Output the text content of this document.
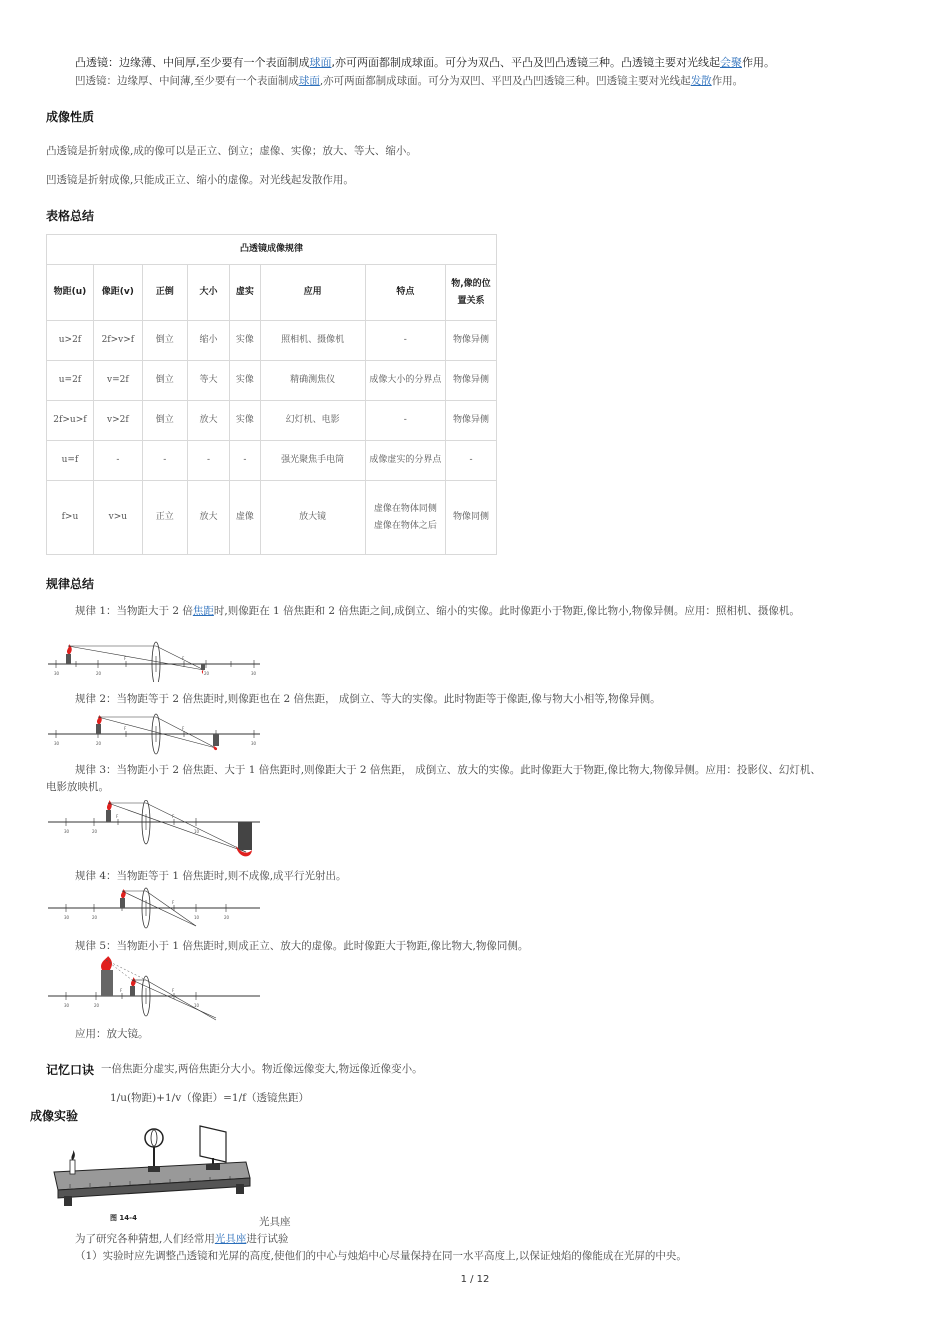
凸透镜：边缘薄、中间厚,至少要有一个表面制成球面,亦可两面都制成球面。可分为双凸、平凸及凹凸透镜三种。凸透镜主要对光线起会聚作用。
凹透镜：边缘厚、中间薄,至少要有一个表面制成球面,亦可两面都制成球面。可分为双凹、平凹及凸凹透镜三种。凹透镜主要对光线起发散作用。
成像性质
凸透镜是折射成像,成的像可以是正立、倒立；虚像、实像；放大、等大、缩小。
凹透镜是折射成像,只能成正立、缩小的虚像。对光线起发散作用。
表格总结
凸透镜成像规律							
物距(u)	像距(v)	正倒	大小	虚实	应用	特点	物,像的位置关系
u>2f	2f>v>f	倒立	缩小	实像	照相机、摄像机	-	物像异侧
u=2f	v=2f	倒立	等大	实像	精确测焦仪	成像大小的分界点	物像异侧
2f>u>f	v>2f	倒立	放大	实像	幻灯机、电影	-	物像异侧
u=f	-	-	-	-	强光聚焦手电筒	成像虚实的分界点	-
f>u	v>u	正立	放大	虚像	放大镜	虚像在物体同侧 虚像在物体之后	物像同侧
规律总结
规律 1：当物距大于 2 倍焦距时,则像距在 1 倍焦距和 2 倍焦距之间,成倒立、缩小的实像。此时像距小于物距,像比物小,物像异侧。应用：照相机、摄像机。
30	20
F	F
20	30
规律 2：当物距等于 2 倍焦距时,则像距也在 2 倍焦距， 成倒立、等大的实像。此时物距等于像距,像与物大小相等,物像异侧。
30	20
F	F
20	30
规律 3：当物距小于 2 倍焦距、大于 1 倍焦距时,则像距大于 2 倍焦距， 成倒立、放大的实像。此时像距大于物距,像比物大,物像异侧。应用：投影仪、幻灯机、
电影放映机。
30	20
F	F
10
规律 4：当物距等于 1 倍焦距时,则不成像,成平行光射出。
30	20
F	F
10	20
规律 5：当物距小于 1 倍焦距时,则成正立、放大的虚像。此时像距大于物距,像比物大,物像同侧。
30	20
F	F
10
应用：放大镜。
记忆口诀 一倍焦距分虚实,两倍焦距分大小。物近像远像变大,物远像近像变小。
1/u(物距)+1/v（像距）=1/f（透镜焦距）
成像实验
图 14-4	光具座
为了研究各种猜想,人们经常用光具座进行试验
（1）实验时应先调整凸透镜和光屏的高度,使他们的中心与烛焰中心尽量保持在同一水平高度上,以保证烛焰的像能成在光屏的中央。
1 / 12
